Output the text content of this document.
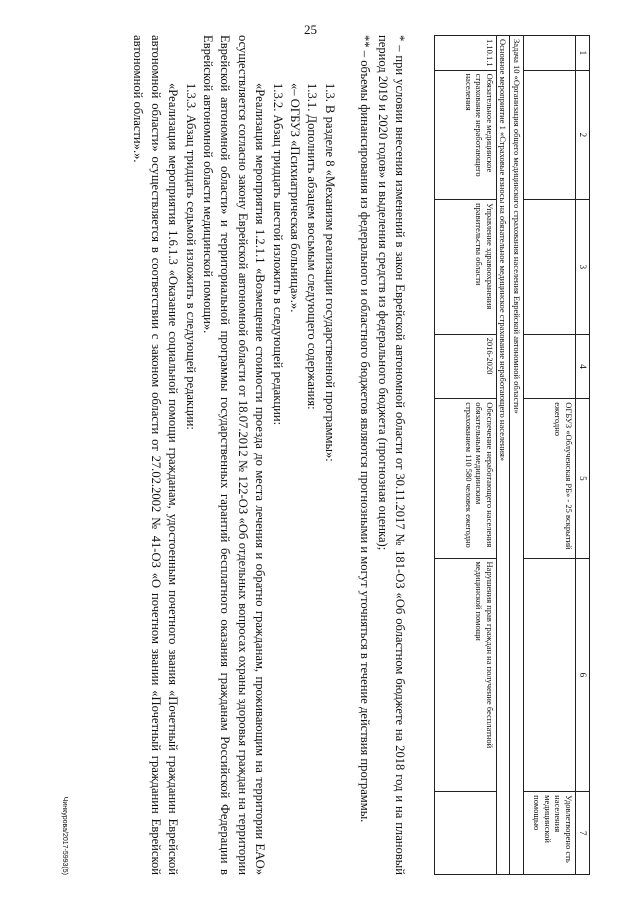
25
1	2	3	4	5	6	7
				ОГБУЗ «Облученская РБ» - 25 вскрытий ежегодно		Удовлетворено сть населения медицинской помощью
Задача 10 «Организация общего медицинского страхования населения Еврейской автономной области»						
Основное мероприятие 1 «Страховые взносы на обязательное медицинское страхование неработающего населения»						
1.10.1.1	Обязательное медицинское страхование неработающего населения	Управление здравоохранения правительства области	2016-2020	Обеспечение неработающего населения обязательным медицинским страхованием 110 580 человек ежегодно	Нарушения прав граждан на получение бесплатной медицинской помощи	

* – при условии внесения изменений в закон Еврейской автономной области от 30.11.2017 № 181-ОЗ «Об областном бюджете на 2018 год и на плановый период 2019 и 2020 годов» и выделения средств из федерального бюджета (прогнозная оценка);

** – объемы финансирования из федерального и областного бюджетов являются прогнозными и могут уточняться в течение действия программы.

1.3. В разделе 8 «Механизм реализации государственной программы»:

1.3.1. Дополнить абзацем восьмым следующего содержания:

«– ОГБУЗ «Психиатрическая больница».».

1.3.2. Абзац тридцать шестой изложить в следующей редакции:

«Реализация мероприятия 1.2.1.1 «Возмещение стоимости проезда до места лечения и обратно гражданам, проживающим на территории ЕАО» осуществляется согласно закону Еврейской автономной области от 18.07.2012 № 122-ОЗ «Об отдельных вопросах охраны здоровья граждан на территории Еврейской автономной области» и территориальной программы государственных гарантий бесплатного оказания гражданам Российской Федерации в Еврейской автономной области медицинской помощи».

1.3.3. Абзац тридцать седьмой изложить в следующей редакции:

«Реализация мероприятия 1.6.1.3 «Оказание социальной помощи гражданам, удостоенным почетного звания «Почетный гражданин Еврейской автономной области» осуществляется в соответствии с законом области от 27.02.2002 № 41-ОЗ «О почетном звании «Почетный гражданин Еврейской автономной области».».

Чинкурова/2017-5993(5)
